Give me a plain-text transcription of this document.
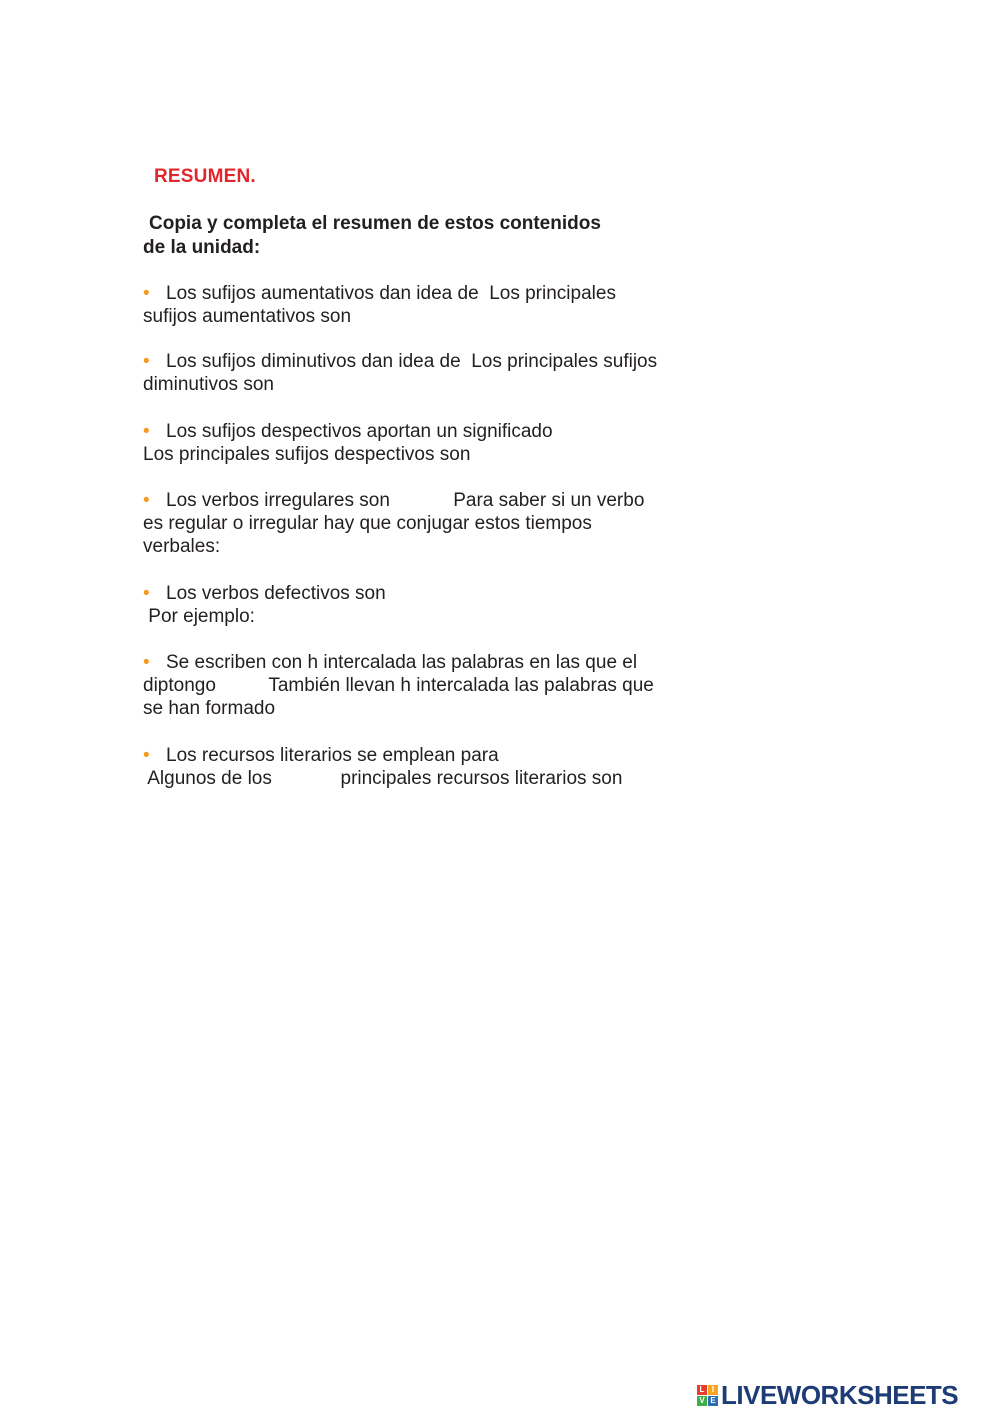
RESUMEN.
Copia y completa el resumen de estos contenidos
de la unidad:
• Los sufijos aumentativos dan idea de  Los principales
sufijos aumentativos son
• Los sufijos diminutivos dan idea de  Los principales sufijos
diminutivos son
• Los sufijos despectivos aportan un significado
Los principales sufijos despectivos son
• Los verbos irregulares son            Para saber si un verbo
es regular o irregular hay que conjugar estos tiempos
verbales:
• Los verbos defectivos son
Por ejemplo:
• Se escriben con h intercalada las palabras en las que el
diptongo          También llevan h intercalada las palabras que
se han formado
• Los recursos literarios se emplean para
Algunos de los             principales recursos literarios son
L I
V E LIVEWORKSHEETS
